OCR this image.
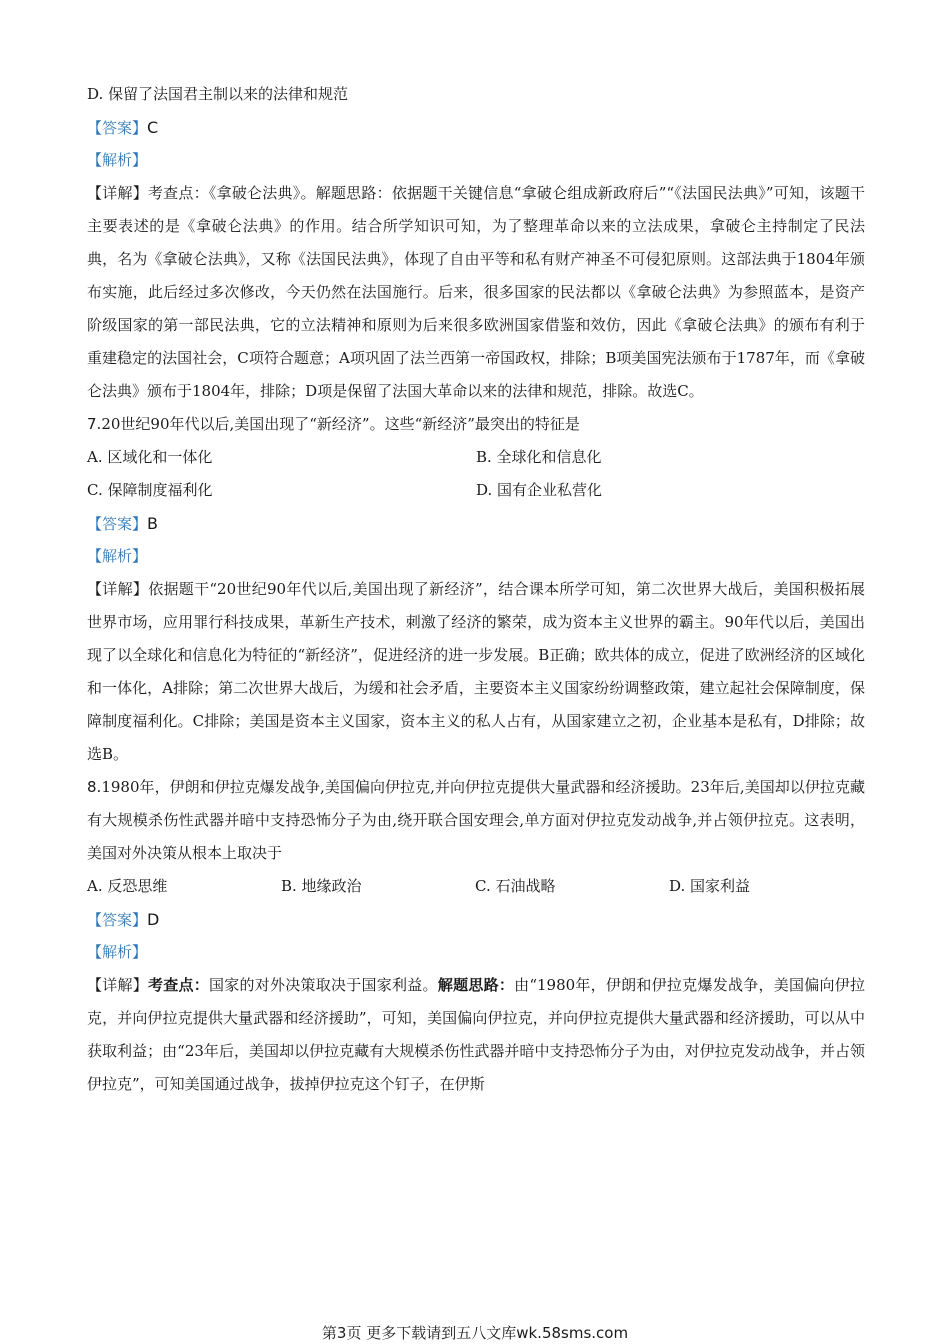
D. 保留了法国君主制以来的法律和规范
【答案】C
【解析】
【详解】考查点：《拿破仑法典》。解题思路：依据题干关键信息“拿破仑组成新政府后”“《法国民法典》”可知，该题干主要表述的是《拿破仑法典》的作用。结合所学知识可知，为了整理革命以来的立法成果，拿破仑主持制定了民法典，名为《拿破仑法典》，又称《法国民法典》，体现了自由平等和私有财产神圣不可侵犯原则。这部法典于1804年颁布实施，此后经过多次修改，今天仍然在法国施行。后来，很多国家的民法都以《拿破仑法典》为参照蓝本，是资产阶级国家的第一部民法典，它的立法精神和原则为后来很多欧洲国家借鉴和效仿，因此《拿破仑法典》的颁布有利于重建稳定的法国社会，C项符合题意；A项巩固了法兰西第一帝国政权，排除；B项美国宪法颁布于1787年，而《拿破仑法典》颁布于1804年，排除；D项是保留了法国大革命以来的法律和规范，排除。故选C。
7.20世纪90年代以后,美国出现了“新经济”。这些“新经济”最突出的特征是
A. 区域化和一体化	B. 全球化和信息化
C. 保障制度福利化	D. 国有企业私营化
【答案】B
【解析】
【详解】依据题干“20世纪90年代以后,美国出现了新经济”，结合课本所学可知，第二次世界大战后，美国积极拓展世界市场，应用罪行科技成果，革新生产技术，刺激了经济的繁荣，成为资本主义世界的霸主。90年代以后，美国出现了以全球化和信息化为特征的“新经济”，促进经济的进一步发展。B正确；欧共体的成立，促进了欧洲经济的区域化和一体化，A排除；第二次世界大战后，为缓和社会矛盾，主要资本主义国家纷纷调整政策，建立起社会保障制度，保障制度福利化。C排除；美国是资本主义国家，资本主义的私人占有，从国家建立之初，企业基本是私有，D排除；故选B。
8.1980年，伊朗和伊拉克爆发战争,美国偏向伊拉克,并向伊拉克提供大量武器和经济援助。23年后,美国却以伊拉克藏有大规模杀伤性武器并暗中支持恐怖分子为由,绕开联合国安理会,单方面对伊拉克发动战争,并占领伊拉克。这表明，美国对外决策从根本上取决于
A. 反恐思维	B. 地缘政治	C. 石油战略	D. 国家利益
【答案】D
【解析】
【详解】考查点：国家的对外决策取决于国家利益。解题思路：由“1980年，伊朗和伊拉克爆发战争，美国偏向伊拉克，并向伊拉克提供大量武器和经济援助”，可知，美国偏向伊拉克，并向伊拉克提供大量武器和经济援助，可以从中获取利益；由“23年后，美国却以伊拉克藏有大规模杀伤性武器并暗中支持恐怖分子为由，对伊拉克发动战争，并占领伊拉克”，可知美国通过战争，拔掉伊拉克这个钉子，在伊斯
第3页 更多下载请到五八文库wk.58sms.com
